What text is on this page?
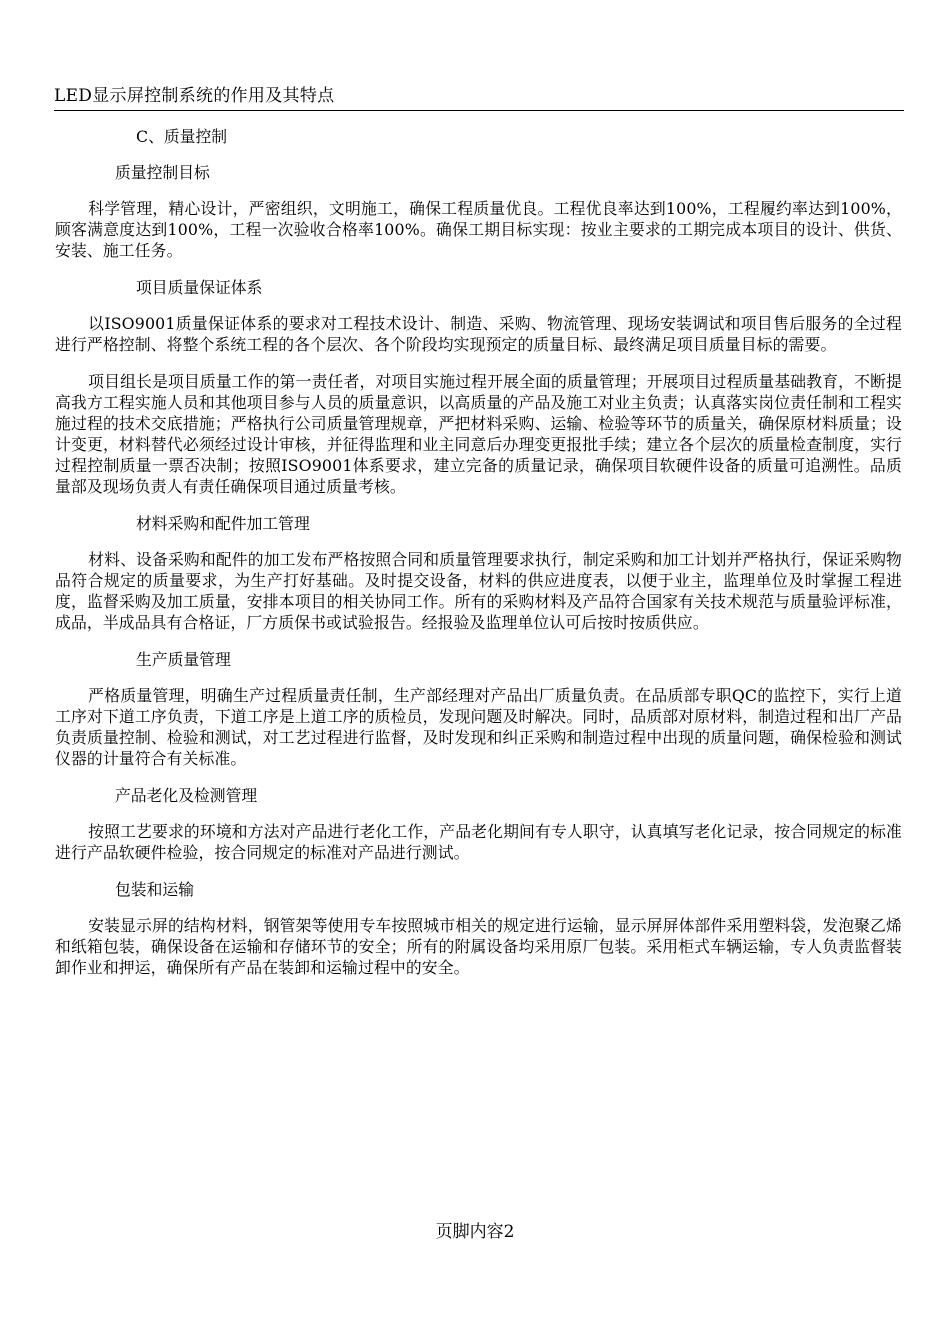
LED显示屏控制系统的作用及其特点
C、质量控制
质量控制目标
科学管理，精心设计，严密组织，文明施工，确保工程质量优良。工程优良率达到100%，工程履约率达到100%，顾客满意度达到100%，工程一次验收合格率100%。确保工期目标实现：按业主要求的工期完成本项目的设计、供货、安装、施工任务。
项目质量保证体系
以ISO9001质量保证体系的要求对工程技术设计、制造、采购、物流管理、现场安装调试和项目售后服务的全过程进行严格控制、将整个系统工程的各个层次、各个阶段均实现预定的质量目标、最终满足项目质量目标的需要。
项目组长是项目质量工作的第一责任者，对项目实施过程开展全面的质量管理；开展项目过程质量基础教育，不断提高我方工程实施人员和其他项目参与人员的质量意识，以高质量的产品及施工对业主负责；认真落实岗位责任制和工程实施过程的技术交底措施；严格执行公司质量管理规章，严把材料采购、运输、检验等环节的质量关，确保原材料质量；设计变更，材料替代必须经过设计审核，并征得监理和业主同意后办理变更报批手续；建立各个层次的质量检查制度，实行过程控制质量一票否决制；按照ISO9001体系要求，建立完备的质量记录，确保项目软硬件设备的质量可追溯性。品质量部及现场负责人有责任确保项目通过质量考核。
材料采购和配件加工管理
材料、设备采购和配件的加工发布严格按照合同和质量管理要求执行，制定采购和加工计划并严格执行，保证采购物品符合规定的质量要求，为生产打好基础。及时提交设备，材料的供应进度表，以便于业主，监理单位及时掌握工程进度，监督采购及加工质量，安排本项目的相关协同工作。所有的采购材料及产品符合国家有关技术规范与质量验评标准，成品，半成品具有合格证，厂方质保书或试验报告。经报验及监理单位认可后按时按质供应。
生产质量管理
严格质量管理，明确生产过程质量责任制，生产部经理对产品出厂质量负责。在品质部专职QC的监控下，实行上道工序对下道工序负责，下道工序是上道工序的质检员，发现问题及时解决。同时，品质部对原材料，制造过程和出厂产品负责质量控制、检验和测试，对工艺过程进行监督，及时发现和纠正采购和制造过程中出现的质量问题，确保检验和测试仪器的计量符合有关标准。
产品老化及检测管理
按照工艺要求的环境和方法对产品进行老化工作，产品老化期间有专人职守，认真填写老化记录，按合同规定的标准进行产品软硬件检验，按合同规定的标准对产品进行测试。
包装和运输
安装显示屏的结构材料，钢管架等使用专车按照城市相关的规定进行运输，显示屏屏体部件采用塑料袋，发泡聚乙烯和纸箱包装，确保设备在运输和存储环节的安全；所有的附属设备均采用原厂包装。采用柜式车辆运输，专人负责监督装卸作业和押运，确保所有产品在装卸和运输过程中的安全。
页脚内容2
